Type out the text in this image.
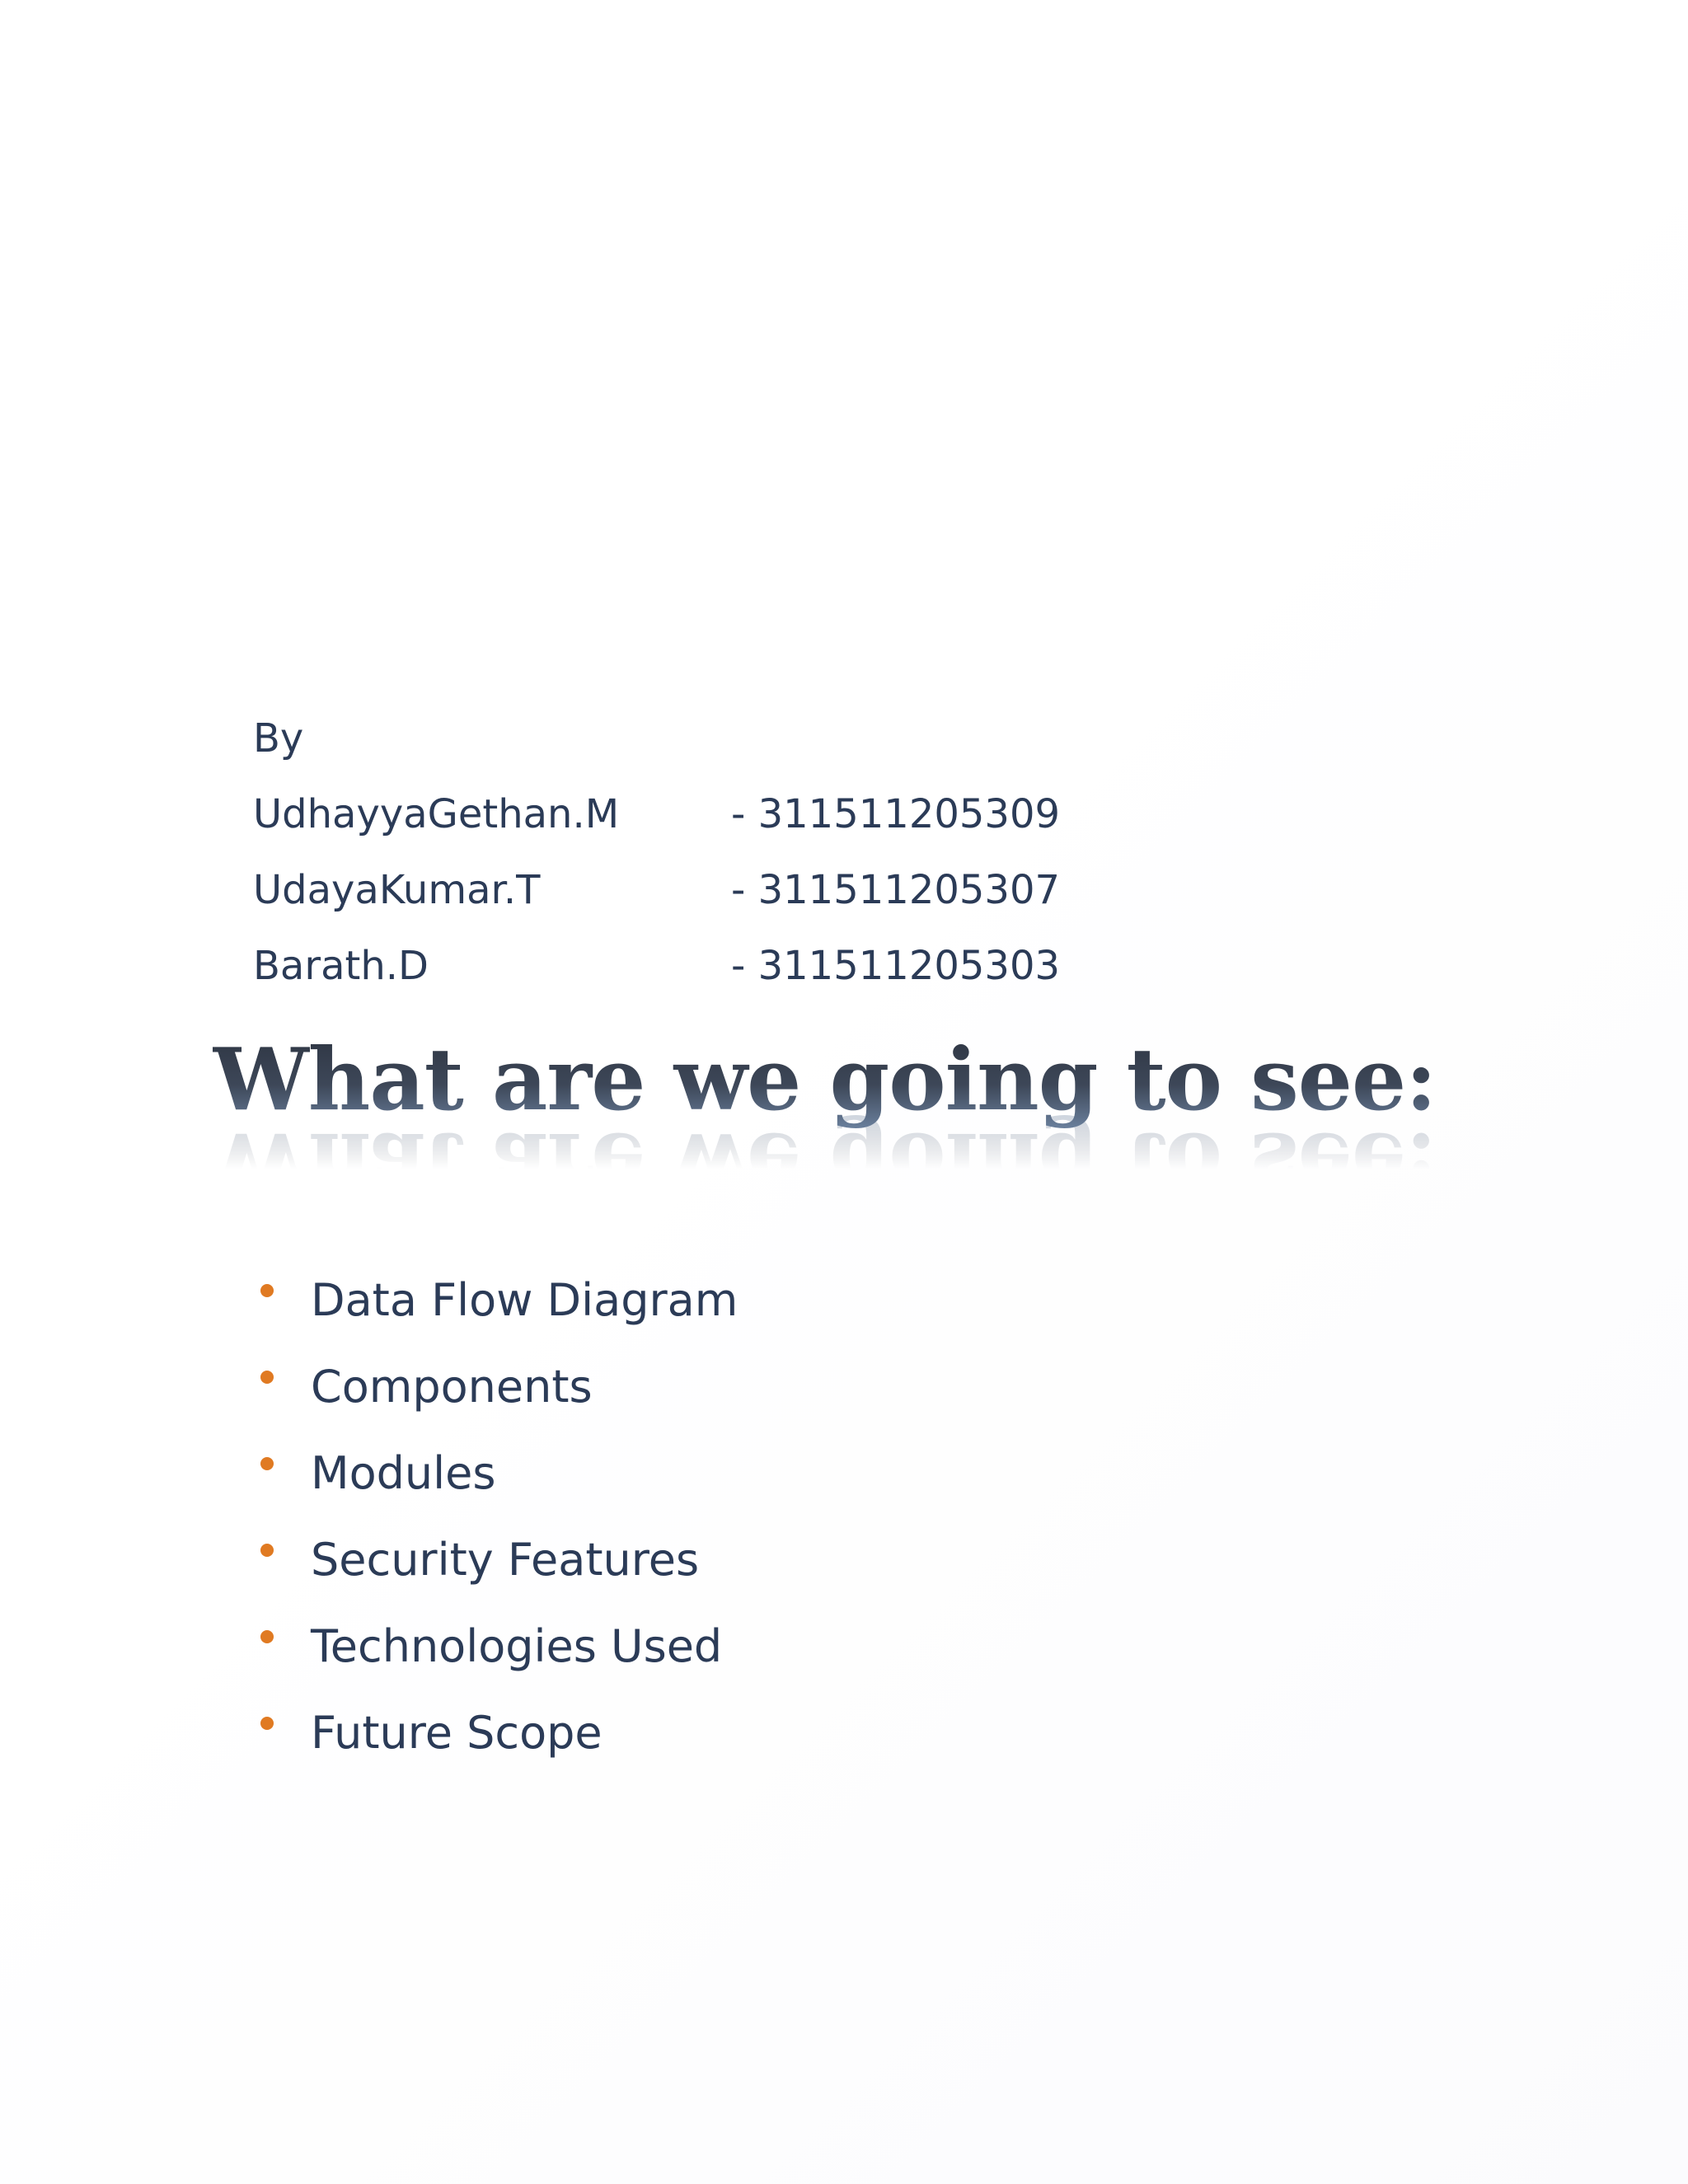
Student Management
System (SMS)
By
UdhayyaGethan.M	- 311511205309
UdayaKumar.T	- 311511205307
Barath.D	- 311511205303
What are we going to see:
Data Flow Diagram
Components
Modules
Security Features
Technologies Used
Future Scope
